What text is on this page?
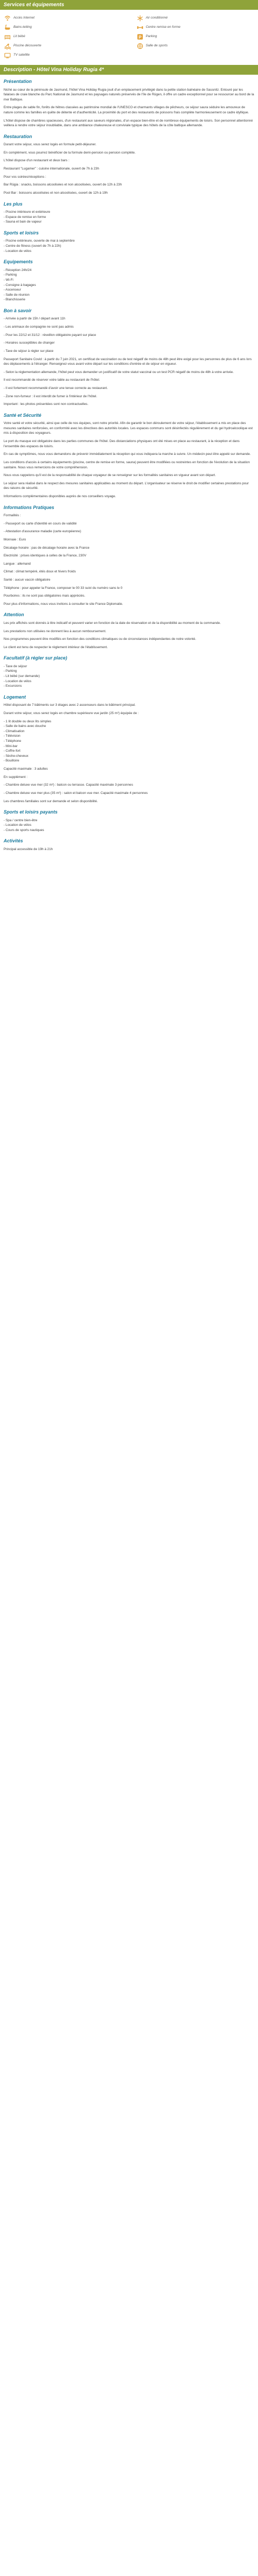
Services et équipements
Accès Internet
Bains-tetting
Lit bébé
Piscine découverte
TV satellite
Air conditionné
Centre remise en forme
P Parking
Salle de sports
Description - Hôtel Vina Holiday Rugia 4*
Présentation

Niché au cœur de la péninsule de Jasmund, l'hôtel Vina Holiday Rugia jouit d'un emplacement privilégié dans la petite station balnéaire de Sassnitz. Entouré par les falaises de craie blanche du Parc National de Jasmund et les paysages naturels préservés de l'île de Rügen, il offre un cadre exceptionnel pour se ressourcer au bord de la mer Baltique.

Entre plages de sable fin, forêts de hêtres classées au patrimoine mondial de l'UNESCO et charmants villages de pêcheurs, ce séjour saura séduire les amoureux de nature comme les familles en quête de détente et d'authenticité. La proximité du port et des restaurants de poissons frais complète harmonieusement ce cadre idyllique.

L'hôtel dispose de chambres spacieuses, d'un restaurant aux saveurs régionales, d'un espace bien-être et de nombreux équipements de loisirs. Son personnel attentionné veillera à rendre votre séjour inoubliable, dans une ambiance chaleureuse et conviviale typique des hôtels de la côte baltique allemande.

Restauration

Durant votre séjour, vous serez logés en formule petit-déjeuner.

En complément, vous pourrez bénéficier de la formule demi-pension ou pension complète.

L'hôtel dispose d'un restaurant et deux bars :

Restaurant "Lugamer" : cuisine internationale, ouvert de 7h à 23h

Pour vos soirées/réceptions :

Bar Rügia : snacks, boissons alcoolisées et non alcoolisées, ouvert de 12h à 23h

Pool Bar : boissons alcoolisées et non alcoolisées, ouvert de 12h à 19h

Les plus
- Piscine intérieure et extérieure
- Espace de remise en forme
- Sauna et bain de vapeur
Sports et loisirs
- Piscine extérieure, ouverte de mai à septembre
- Centre de fitness (ouvert de 7h à 22h)
- Location de vélos
Equipements
- Réception 24h/24
- Parking
- Wi-Fi
- Consigne à bagages
- Ascenseur
- Salle de réunion
- Blanchisserie
Bon à savoir

- Arrivée à partir de 15h / départ avant 11h

- Les animaux de compagnie ne sont pas admis

- Pour les 22/12 et 31/12 : réveillon obligatoire payant sur place

- Horaires susceptibles de changer

- Taxe de séjour à régler sur place

Passeport Sanitaire Covid : à partir du 7 juin 2021, un certificat de vaccination ou de test négatif de moins de 48h peut être exigé pour les personnes de plus de 6 ans lors des déplacements à l'étranger. Renseignez-vous avant votre départ sur les conditions d'entrée et de séjour en vigueur.

- Selon la réglementation allemande, l'hôtel peut vous demander un justificatif de votre statut vaccinal ou un test PCR négatif de moins de 48h à votre arrivée.

Il est recommandé de réserver votre table au restaurant de l'hôtel.

- Il est fortement recommandé d'avoir une tenue correcte au restaurant.

- Zone non-fumeur : il est interdit de fumer à l'intérieur de l'hôtel.

Important : les photos présentées sont non contractuelles.

Santé et Sécurité

Votre santé et votre sécurité, ainsi que celle de nos équipes, sont notre priorité. Afin de garantir le bon déroulement de votre séjour, l'établissement a mis en place des mesures sanitaires renforcées, en conformité avec les directives des autorités locales. Les espaces communs sont désinfectés régulièrement et du gel hydroalcoolique est mis à disposition des voyageurs.

Le port du masque est obligatoire dans les parties communes de l'hôtel. Des distanciations physiques ont été mises en place au restaurant, à la réception et dans l'ensemble des espaces de loisirs.

En cas de symptômes, nous vous demandons de prévenir immédiatement la réception qui vous indiquera la marche à suivre. Un médecin peut être appelé sur demande.

Les conditions d'accès à certains équipements (piscine, centre de remise en forme, sauna) peuvent être modifiées ou restreintes en fonction de l'évolution de la situation sanitaire. Nous vous remercions de votre compréhension.

Nous vous rappelons qu'il est de la responsabilité de chaque voyageur de se renseigner sur les formalités sanitaires en vigueur avant son départ.

Le séjour sera réalisé dans le respect des mesures sanitaires applicables au moment du départ. L'organisateur se réserve le droit de modifier certaines prestations pour des raisons de sécurité.

Informations complémentaires disponibles auprès de nos conseillers voyage.

Informations Pratiques

Formalités :

- Passeport ou carte d'identité en cours de validité

- Attestation d'assurance maladie (carte européenne)

Monnaie : Euro

Décalage horaire : pas de décalage horaire avec la France

Electricité : prises identiques à celles de la France, 230V

Langue : allemand

Climat : climat tempéré, étés doux et hivers froids

Santé : aucun vaccin obligatoire

Téléphone : pour appeler la France, composer le 00 33 suivi du numéro sans le 0

Pourboires : ils ne sont pas obligatoires mais appréciés.

Pour plus d'informations, nous vous invitons à consulter le site France Diplomatie.

Attention

Les prix affichés sont donnés à titre indicatif et peuvent varier en fonction de la date de réservation et de la disponibilité au moment de la commande.

Les prestations non utilisées ne donnent lieu à aucun remboursement.

Nos programmes peuvent être modifiés en fonction des conditions climatiques ou de circonstances indépendantes de notre volonté.

Le client est tenu de respecter le règlement intérieur de l'établissement.

Facultatif (à régler sur place)
- Taxe de séjour
- Parking
- Lit bébé (sur demande)
- Location de vélos
- Excursions
Logement

Hôtel disposant de 7 bâtiments sur 3 étages avec 2 ascenseurs dans le bâtiment principal.

Durant votre séjour, vous serez logés en chambre supérieure vue jardin (25 m²) équipée de :

- 1 lit double ou deux lits simples
- Salle de bains avec douche
- Climatisation
- Télévision
- Téléphone
- Mini-bar
- Coffre-fort
- Sèche-cheveux
- Bouilloire

Capacité maximale : 3 adultes

En supplément :

- Chambre deluxe vue mer (32 m²) : balcon ou terrasse. Capacité maximale 3 personnes

- Chambre deluxe vue mer plus (35 m²) : salon et balcon vue mer. Capacité maximale 4 personnes

Les chambres familiales sont sur demande et selon disponibilité.

Sports et loisirs payants
- Spa / centre bien-être
- Location de vélos
- Cours de sports nautiques
Activités

Principal accessible de 19h à 21h
